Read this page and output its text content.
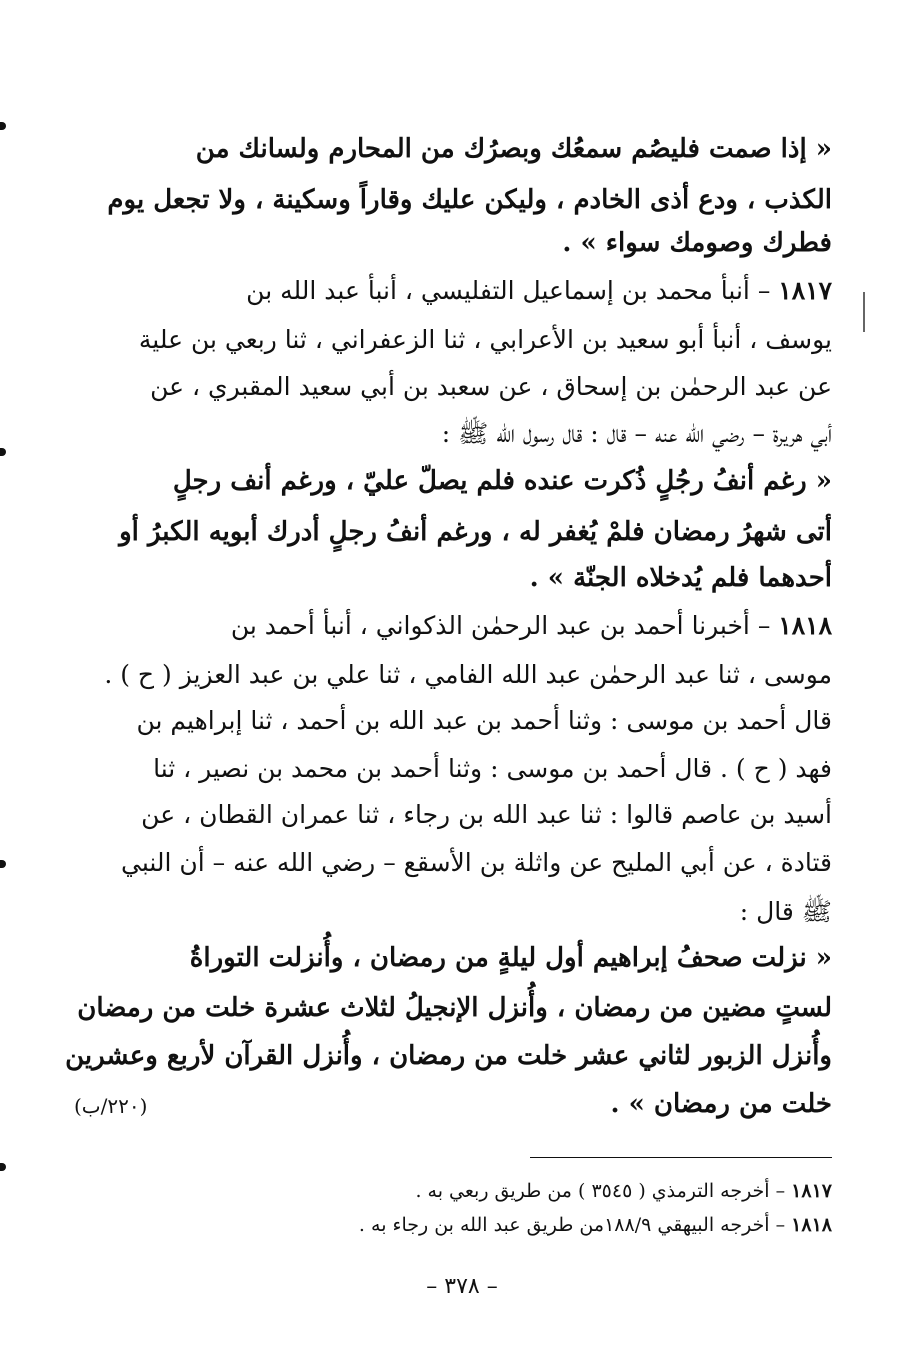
« إذا صمت فليصُم سمعُك وبصرُك من المحارم ولسانك من
الكذب ، ودع أذى الخادم ، وليكن عليك وقاراً وسكينة ، ولا تجعل يوم
فطرك وصومك سواء » .
١٨١٧ – أنبأ محمد بن إسماعيل التفليسي ، أنبأ عبد الله بن
يوسف ، أنبأ أبو سعيد بن الأعرابي ، ثنا الزعفراني ، ثنا ربعي بن علية
عن عبد الرحمٰن بن إسحاق ، عن سعبد بن أبي سعيد المقبري ، عن
أبي هريرة – رضي الله عنه – قال : قال رسول الله ﷺ :
« رغم أنفُ رجُلٍ ذُكرت عنده فلم يصلّ عليّ ، ورغم أنف رجلٍ
أتى شهرُ رمضان فلمْ يُغفر له ، ورغم أنفُ رجلٍ أدرك أبويه الكبرُ أو
أحدهما فلم يُدخلاه الجنّة » .
١٨١٨ – أخبرنا أحمد بن عبد الرحمٰن الذكواني ، أنبأ أحمد بن
موسى ، ثنا عبد الرحمٰن عبد الله الفامي ، ثنا علي بن عبد العزيز ( ح ) .
قال أحمد بن موسى : وثنا أحمد بن عبد الله بن أحمد ، ثنا إبراهيم بن
فهد ( ح ) . قال أحمد بن موسى : وثنا أحمد بن محمد بن نصير ، ثنا
أسيد بن عاصم قالوا : ثنا عبد الله بن رجاء ، ثنا عمران القطان ، عن
قتادة ، عن أبي المليح عن واثلة بن الأسقع – رضي الله عنه – أن النبي
ﷺ قال :
« نزلت صحفُ إبراهيم أول ليلةٍ من رمضان ، وأُنزلت التوراةُ
لستٍ مضين من رمضان ، وأُنزل الإنجيلُ لثلاث عشرة خلت من رمضان
وأُنزل الزبور لثاني عشر خلت من رمضان ، وأُنزل القرآن لأربع وعشرين
خلت من رمضان » .
(٢٢٠/ب)
١٨١٧ – أخرجه الترمذي ( ٣٥٤٥ ) من طريق ربعي به .
١٨١٨ – أخرجه البيهقي ١٨٨/٩من طريق عبد الله بن رجاء به .
– ٣٧٨ –
